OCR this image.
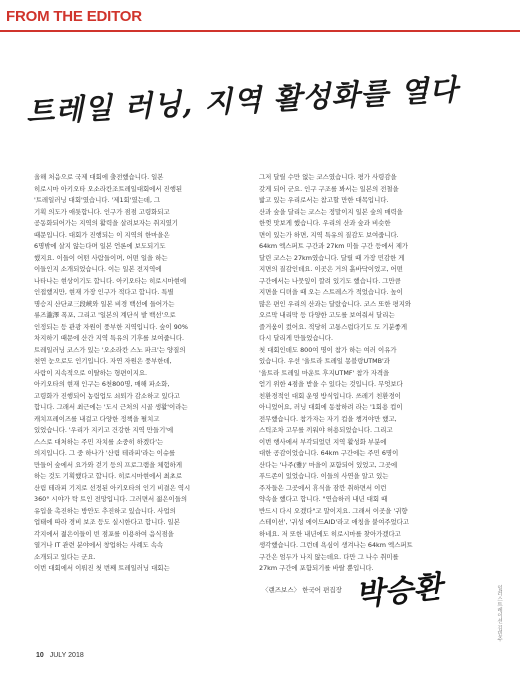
FROM THE EDITOR
트레일 러닝, 지역 활성화를 열다
올해 처음으로 국제 대회에 출전했습니다. 일본
히로시마 아키오타 오소라칸조트레일대회에서 진행된
'트레일러닝 대회'였습니다. '제1회'였는데, 그
기획 의도가 애틋합니다. 인구가 점점 고령화되고
공동화되어가는 지역의 활력을 살려보자는 취지였기
때문입니다. 대회가 진행되는 이 지역의 한마을은
6명밖에 살지 않는다며 일본 언론에 보도되기도
했지요. 이들이 어떤 사람들이며, 어떤 일을 하는
이들인지 소개되었습니다. 이는 일본 전지역에
나타나는 현상이기도 합니다. 아키오타는 히로시마현에
인접했지만, 현재 가장 인구가 적다고 합니다. 특별
명승지 산단쿄三段峽와 일본 비경 백선에 들어가는
류즈瀧澤 폭포, 그리고 '일본의 계단식 밭 백선'으로
인정되는 등 관광 자원이 풍부한 지역입니다. 숲이 90%
차지하기 때문에 산간 지역 특유의 기후를 보여줍니다.
트레일러닝 코스가 있는 '오소라칸 스노 파크'는 양질의
천연 눈으로도 인기입니다. 자연 자원은 풍부한데,
사람이 지속적으로 이탈하는 형편이지요.
아키오타의 현재 인구는 6천800명, 매해 파소화,
고령화가 진행되어 농림업도 쇠퇴가 감소하고 있다고
합니다. 그래서 최근에는 '도시 근처의 시골 생활'이라는
캐치프레이즈를 내걸고 다양한 정책을 펼치고
있었습니다. '우리가 지키고 건강한 지역 만들기'에
스스로 대처하는 주민 자치를 소중히 하겠다'는
의지입니다. 그 중 하나가 '산림 테라피'라는 이슈를
만들어 숲에서 요가와 걷기 등의 프로그램을 체험하게
하는 것도 기획했다고 합니다. 히로시마현에서 최초로
산림 테라피 기지로 선정된 아키오타의 인기 비결은 역시
360° 시야가 탁 트인 전망입니다. 그러면서 젊은이들의
유입을 촉진하는 방안도 추진하고 있습니다. 사업의
업태에 따라 경비 보조 등도 실시한다고 합니다. 일본
각지에서 젊은이들이 빈 점포를 이용하여 음식점을
열거나 IT 관련 분야에서 창업하는 사례도 속속
소개되고 있다는 군요.
이번 대회에서 이뤄진 첫 번째 트레일러닝 대회는
그저 달릴 수만 없는 코스였습니다. 평가 사령감을
갖게 되어 군요. 인구 구조를 봐서는 일본의 전철을
밟고 있는 우리로서는 참고할 만한 대목입니다.
산과 숲을 달리는 코스는 정말이지 일본 숲의 매력을
한껏 맛보게 했습니다. 우리의 산과 숲과 비슷한
면이 있는가 하면, 지역 특유의 질감도 보여줍니다.
64km 엑스퍼트 구간과 27km 미들 구간 등에서 제가
달린 코스는 27km였습니다. 달릴 때 가장 민감한 게
지면의 질감인데요. 이곳은 거의 흙바닥이었고, 어떤
구간에서는 나뭇잎이 깔려 있기도 했습니다. 그만큼
지면을 디뎌을 때 오는 스트레스가 적었습니다. 높이
많은 편인 우리의 산과는 달랐습니다. 코스 또한 평지와
오르막 내리막 등 다양한 고도를 보여줘서 달리는
즐거움이 컸어요. 적당히 고통스럽다기도 도 기분좋게
다시 달리게 만들었습니다.
첫 대회인데도 800여 명이 참가 하는 여러 이유가
있습니다. 우선 '울트라 트레일 몽블랑UTMB'과
'울트라 트레일 마운트 후지UTMF' 참가 자격을
얻기 위한 4점을 받을 수 있다는 것입니다. 무엇보다
친환경적인 대회 운영 방식입니다. 쓰레기 친환경이
아니었어요, 러닝 대회에 동참하려 라는 '1회용 컵이
전무했습니다. 참가자는 자기 컵을 챙겨야만 했고,
스틱조차 고무를 끼워야 허용되었습니다. 그리고
이번 행사에서 부각되었던 지역 활성화 부분에
대한 공감이었습니다. 64km 구간에는 주민 6명이
산다는 '나주(雅)' 마을이 포함되어 있었고, 그곳에
푸드존이 있었습니다. 이들의 사연을 알고 있는
주자들은 그곳에서 휴식을 잠깐 취하면서 이런
약속을 했다고 합니다. "연습하러 내년 대회 때
반드시 다시 오겠다"고 말이지요. 그래서 이곳을 '귀향
스테이션', '귀성 에이드AID'라고 애칭을 붙여주었다고
하네요. 저 또한 내년에도 히로시마를 찾아가겠다고
생각했습니다. 그런데 욕심이 생겨나는 64km 엑스퍼트
구간은 엄두가 나지 않는데요. 다만 그 나수 취미를
27km 구간에 포함되기를 바랄 뿐입니다.
〈랜즈보스〉 한국어 편집장 박승환	일러스트레이션 김민주
10 JULY 2018
